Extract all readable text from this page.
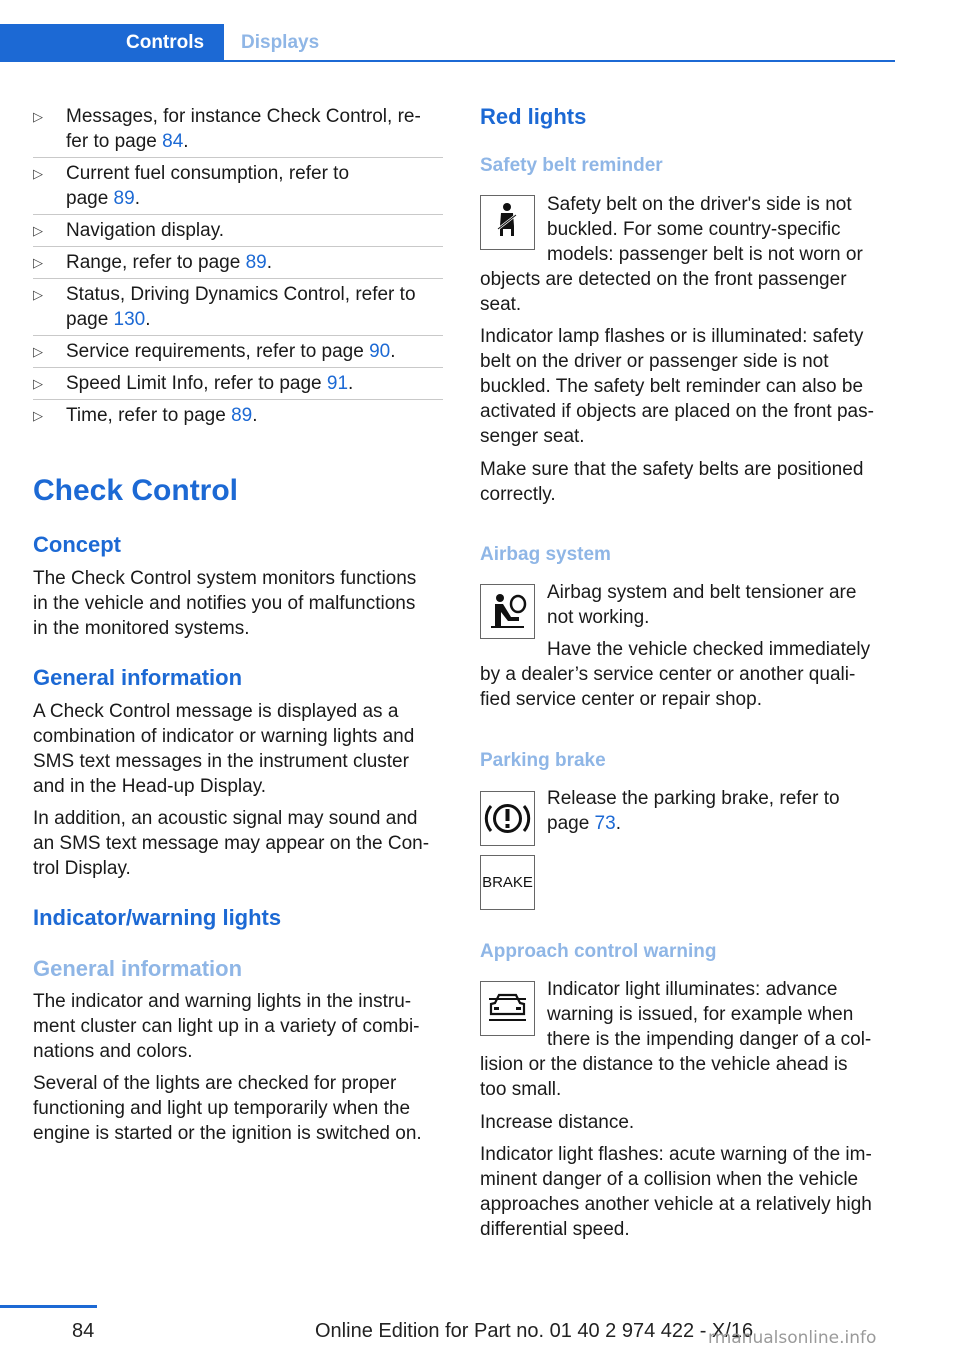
Controls	Displays
▷ Messages, for instance Check Control, re‐
fer to page 84.
▷ Current fuel consumption, refer to
page 89.
▷ Navigation display.
▷ Range, refer to page 89.
▷ Status, Driving Dynamics Control, refer to
page 130.
▷ Service requirements, refer to page 90.
▷ Speed Limit Info, refer to page 91.
▷ Time, refer to page 89.
Check Control
Concept
The Check Control system monitors functions
in the vehicle and notifies you of malfunctions
in the monitored systems.
General information
A Check Control message is displayed as a
combination of indicator or warning lights and
SMS text messages in the instrument cluster
and in the Head-up Display.
In addition, an acoustic signal may sound and
an SMS text message may appear on the Con‐
trol Display.
Indicator/warning lights
General information
The indicator and warning lights in the instru‐
ment cluster can light up in a variety of combi‐
nations and colors.
Several of the lights are checked for proper
functioning and light up temporarily when the
engine is started or the ignition is switched on.
Red lights
Safety belt reminder
Safety belt on the driver's side is not
buckled. For some country-specific
models: passenger belt is not worn or
objects are detected on the front passenger
seat.
Indicator lamp flashes or is illuminated: safety
belt on the driver or passenger side is not
buckled. The safety belt reminder can also be
activated if objects are placed on the front pas‐
senger seat.
Make sure that the safety belts are positioned
correctly.
Airbag system
Airbag system and belt tensioner are
not working.
Have the vehicle checked immediately
by a dealer’s service center or another quali‐
fied service center or repair shop.
Parking brake
Release the parking brake, refer to
page 73.
BRAKE
Approach control warning
Indicator light illuminates: advance
warning is issued, for example when
there is the impending danger of a col‐
lision or the distance to the vehicle ahead is
too small.
Increase distance.
Indicator light flashes: acute warning of the im‐
minent danger of a collision when the vehicle
approaches another vehicle at a relatively high
differential speed.
84	Online Edition for Part no. 01 40 2 974 422 - X/16
rmanualsonline.info
